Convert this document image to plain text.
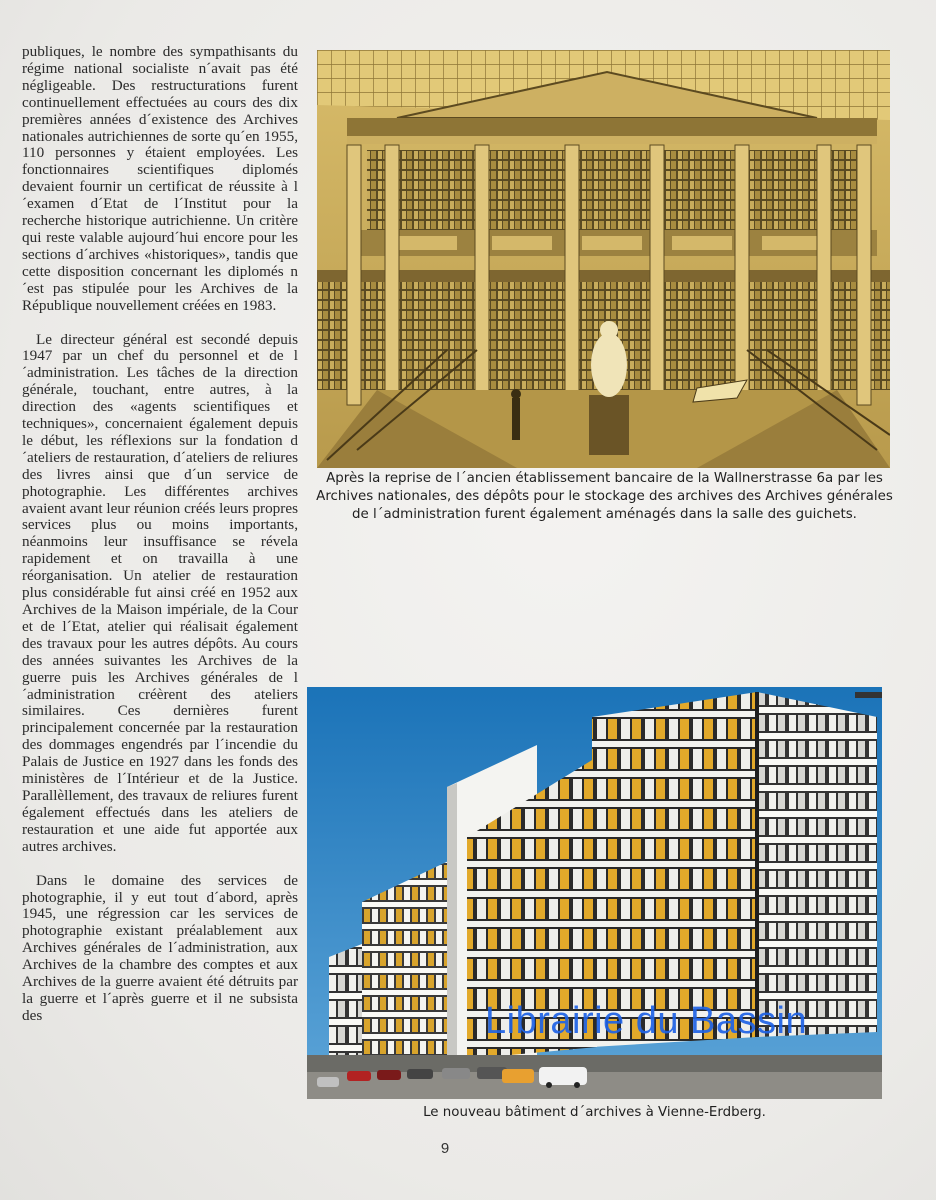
publiques, le nombre des sympathisants du régime national socialiste n´avait pas été négligeable. Des restructurations furent continuellement effectuées au cours des dix premières années d´existence des Archives nationales autrichiennes de sorte qu´en 1955, 110 personnes y étaient employées. Les fonctionnaires scientifiques diplomés devaient fournir un certificat de réussite à l´examen d´Etat de l´Institut pour la recherche historique autrichienne. Un critère qui reste valable aujourd´hui encore pour les sections d´archives «historiques», tandis que cette disposition concernant les diplomés n´est pas stipulée pour les Archives de la République nouvellement créées en 1983.

Le directeur général est secondé depuis 1947 par un chef du personnel et de l´administration. Les tâches de la direction générale, touchant, entre autres, à la direction des «agents scientifiques et techniques», concernaient également depuis le début, les réflexions sur la fondation d´ateliers de restauration, d´ateliers de reliures des livres ainsi que d´un service de photographie. Les différentes archives avaient avant leur réunion créés leurs propres services plus ou moins importants, néanmoins leur insuffisance se révela rapidement et on travailla à une réorganisation. Un atelier de restauration plus considérable fut ainsi créé en 1952 aux Archives de la Maison impériale, de la Cour et de l´Etat, atelier qui réalisait également des travaux pour les autres dépôts. Au cours des années suivantes les Archives de la guerre puis les Archives générales de l´administration créèrent des ateliers similaires. Ces dernières furent principalement concernée par la restauration des dommages engendrés par l´incendie du Palais de Justice en 1927 dans les fonds des ministères de l´Intérieur et de la Justice. Parallèllement, des travaux de reliures furent également effectués dans les ateliers de restauration et une aide fut apportée aux autres archives.

Dans le domaine des services de photographie, il y eut tout d´abord, après 1945, une régression car les services de photographie existant préalablement aux Archives générales de l´administration, aux Archives de la chambre des comptes et aux Archives de la guerre avaient été détruits par la guerre et l´après guerre et il ne subsista des

Après la reprise de l´ancien établissement bancaire de la Wallnerstrasse 6a par les Archives nationales, des dépôts pour le stockage des archives des Archives générales de l´administration furent également aménagés dans la salle des guichets.
Le nouveau bâtiment d´archives à Vienne-Erdberg.
Librairie du Bassin
9
